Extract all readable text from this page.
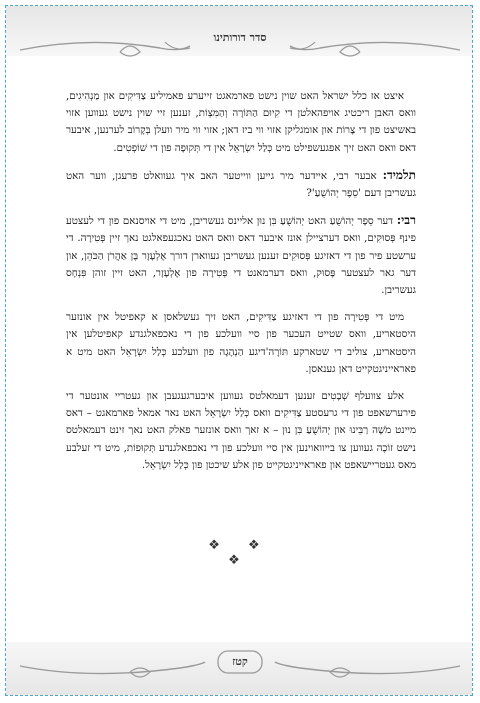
סדר דורותינו

איצט אז כלל ישראל האט שוין נישט פארמאגט זייערע פאמיליע צַדִּיקִים און מַנְהִיגִים, וואס האבן ריכטיג אויפהאלטן די קִיוּם הַתּוֹרָה וְהַמִּצְוֹת, זענען זיי שוין נישט געווען אזוי באשיצט פון די צָרוֹת און אומגליקן אזוי ווי ביז דאן; אזוי ווי מיר וועלן בְּקָרוֹב לערנען, איבער דאס וואס האט זיך אפגעשפילט מיט כְּלַל יִשְׂרָאֵל אין די תְּקוּפָה פון די שׁוֹפְטִים.

תלמיד: אבער רבי, איידער מיר גייען ווייטער האב איך געוואלט פרעגן, ווער האט געשריבן דעם 'סֵפֶר יְהוֹשֻׁעַ'?

רבי: דער סֵפֶר יְהוֹשֻׁעַ האט יְהוֹשֻׁעַ בִּן נוּן אליינס געשריבן, מיט די אויסנאם פון די לעצטע פינף פְּסוּקִים, וואס דערציילן אונז איבער דאס וואס האט נאכגעפאלגט נאך זיין פְּטִירָה. די ערשטע פיר פון די דאזיגע פְּסוּקִים זענען געשריבן געווארן דורך אֶלְעָזָר בֶּן אַהֲרֹן הַכֹּהֵן, און דער גאר לעצטער פָּסוּק, וואס דערמאנט די פְּטִירָה פון אֶלְעָזָר, האט זיין זוהן פִּנְחָס געשריבן.

מיט די פְּטִירָה פון די דאזיגע צַדִּיקִים, האט זיך געשלאסן א קאפיטל אין אונזער היסטאריע, וואס שטייט העכער פון סיי וועלכע פון די נאכפאלגנדע קאפיטלען אין היסטאריע, צוליב די שטארקע תּוֹרָה'דיגע הַנְהָגָה פון וועלכע כְּלַל יִשְׂרָאֵל האט מיט א פאראייניגטקייט דאן גענאסן.

אלע צוועלף שְׁבָטִים זענען דעמאלטס געווען איבערגעגעבן און געטריי אונטער די פירערשאפט פון די גרעסטע צַדִּיקִים וואס כְּלַל יִשְׂרָאֵל האט נאר אמאל פארמאגט – דאס מיינט מֹשֶׁה רַבֵּינוּ און יְהוֹשֻׁעַ בִּן נוּן – א זאך וואס אונזער פאלק האט נאך זינט דעמאלטס נישט זוֹכֶה געווען צו בייוואוינען אין סיי וועלכע פון די נאכפאלגנדע תְּקוּפוֹת, מיט די זעלבע מאס געטריישאפט און פאראייניגטקייט פון אלע שיכטן פון כְּלַל יִשְׂרָאֵל.

❖ ❖ ❖
קטז
